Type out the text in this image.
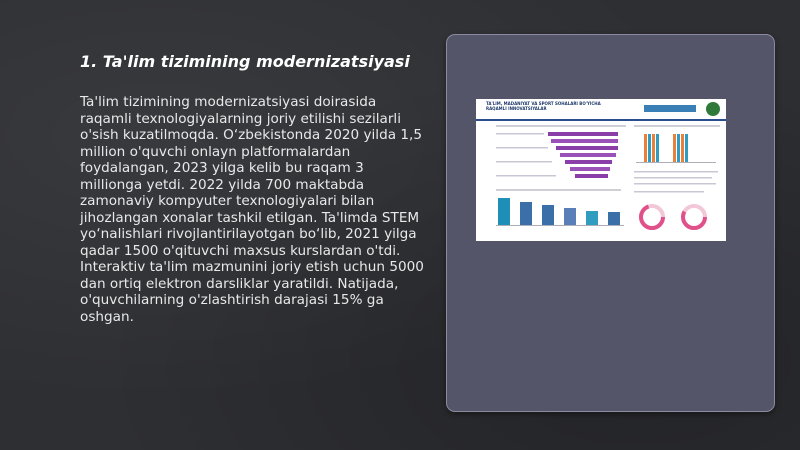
1. Ta'lim tizimining modernizatsiyasi

Ta'lim tizimining modernizatsiyasi doirasida raqamli texnologiyalarning joriy etilishi sezilarli o'sish kuzatilmoqda. O‘zbekistonda 2020 yilda 1,5 million o'quvchi onlayn platformalardan foydalangan, 2023 yilga kelib bu raqam 3 millionga yetdi. 2022 yilda 700 maktabda zamonaviy kompyuter texnologiyalari bilan jihozlangan xonalar tashkil etilgan. Ta'limda STEM yo‘nalishlari rivojlantirilayotgan bo‘lib, 2021 yilga qadar 1500 o'qituvchi maxsus kurslardan o'tdi. Interaktiv ta'lim mazmunini joriy etish uchun 5000 dan ortiq elektron darsliklar yaratildi. Natijada, o'quvchilarning o'zlashtirish darajasi 15% ga oshgan.

TA'LIM, MADANIYAT VA SPORT SOHALARI BO'YICHA
RAQAMLI INNOVATSIYALAR
